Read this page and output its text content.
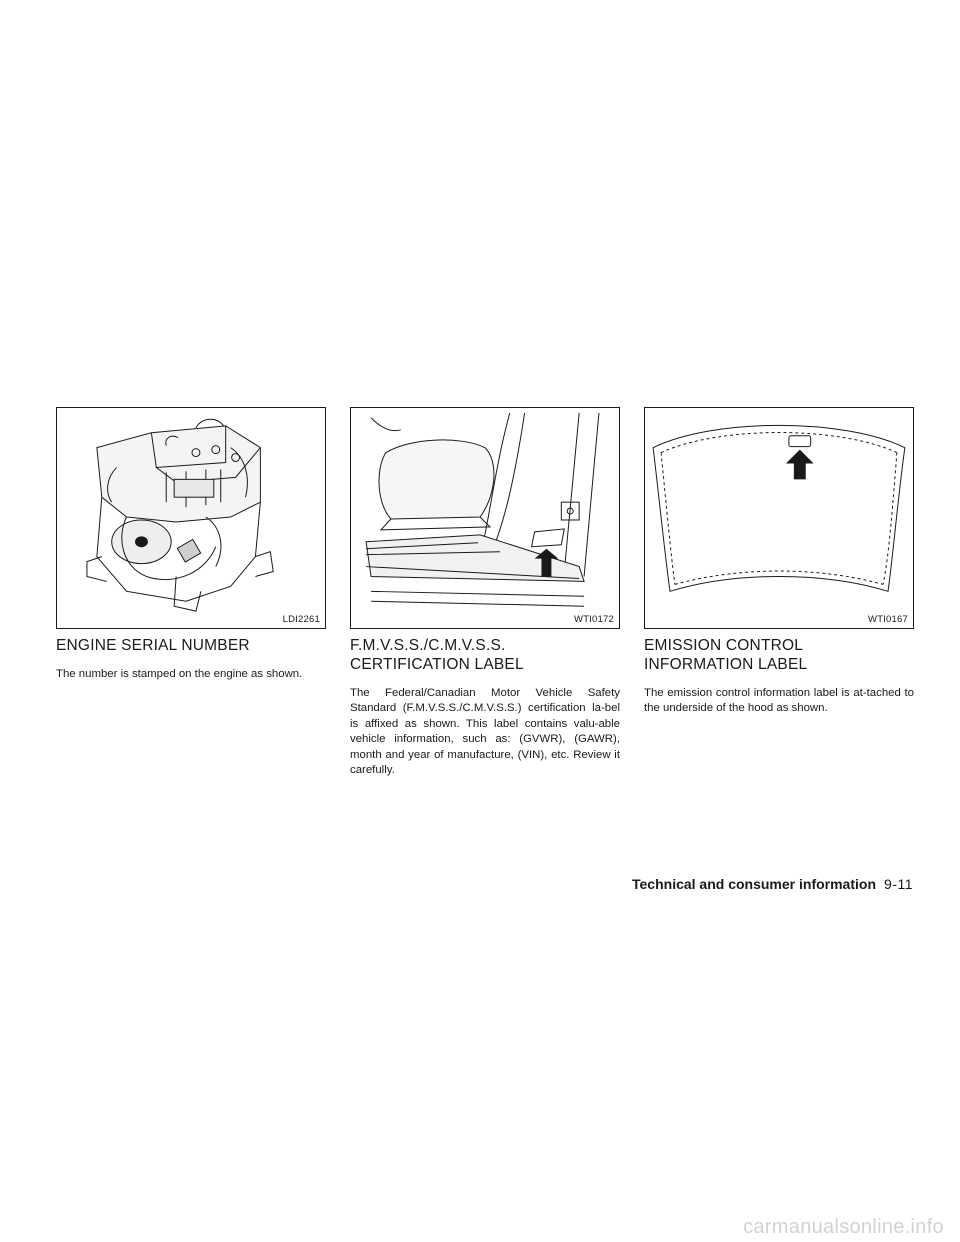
LDI2261	WTI0172	WTI0167
ENGINE SERIAL NUMBER

The number is stamped on the engine as shown.

F.M.V.S.S./C.M.V.S.S.
CERTIFICATION LABEL

The Federal/Canadian Motor Vehicle Safety Standard (F.M.V.S.S./C.M.V.S.S.) certification la-bel is affixed as shown. This label contains valu-able vehicle information, such as: (GVWR), (GAWR), month and year of manufacture, (VIN), etc. Review it carefully.

EMISSION CONTROL
INFORMATION LABEL

The emission control information label is at-tached to the underside of the hood as shown.

Technical and consumer information 9-11
carmanualsonline.info
